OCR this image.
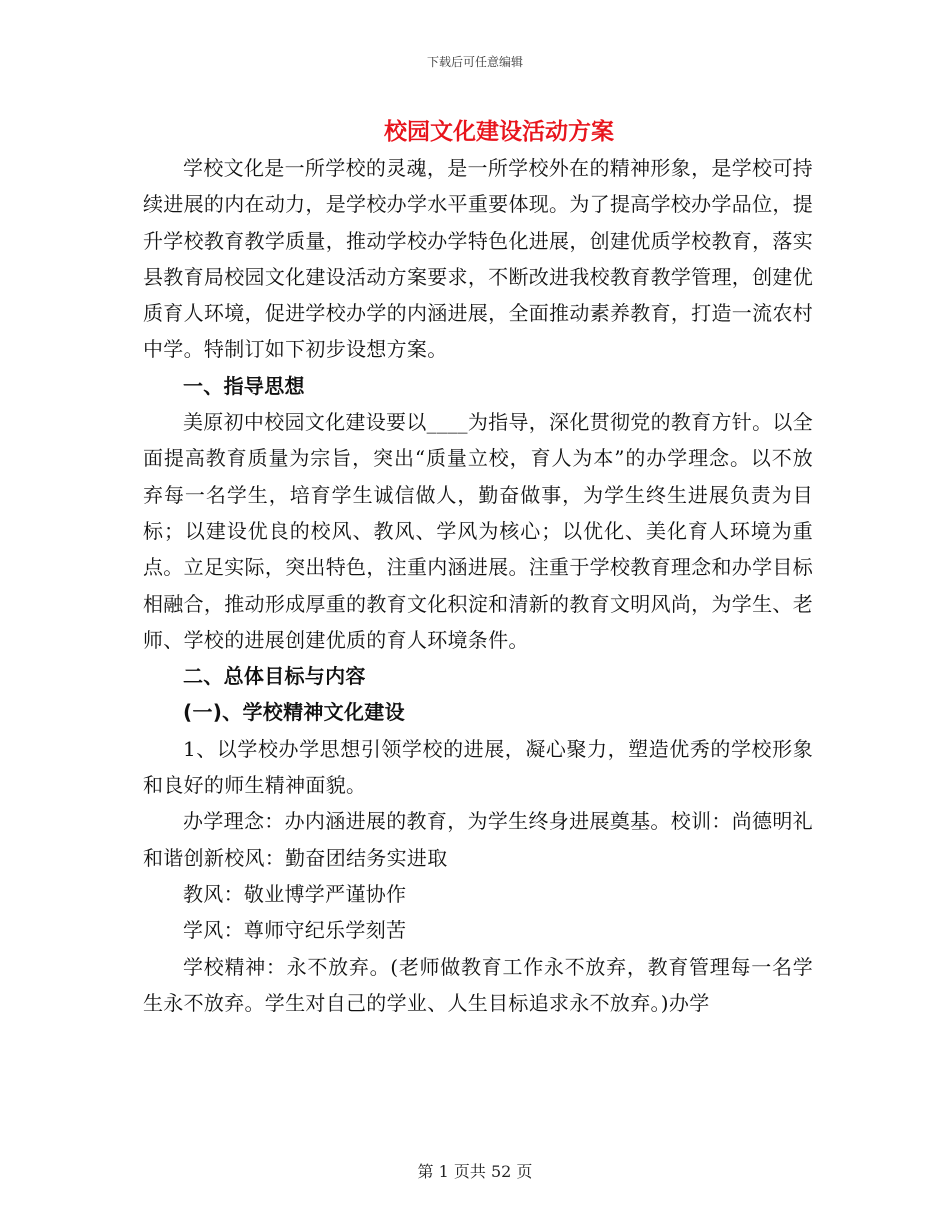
下载后可任意编辑
校园文化建设活动方案

学校文化是一所学校的灵魂，是一所学校外在的精神形象，是学校可持续进展的内在动力，是学校办学水平重要体现。为了提高学校办学品位，提升学校教育教学质量，推动学校办学特色化进展，创建优质学校教育，落实县教育局校园文化建设活动方案要求，不断改进我校教育教学管理，创建优质育人环境，促进学校办学的内涵进展，全面推动素养教育，打造一流农村中学。特制订如下初步设想方案。

一、指导思想

美原初中校园文化建设要以____为指导，深化贯彻党的教育方针。以全面提高教育质量为宗旨，突出“质量立校，育人为本”的办学理念。以不放弃每一名学生，培育学生诚信做人，勤奋做事，为学生终生进展负责为目标；以建设优良的校风、教风、学风为核心；以优化、美化育人环境为重点。立足实际，突出特色，注重内涵进展。注重于学校教育理念和办学目标相融合，推动形成厚重的教育文化积淀和清新的教育文明风尚，为学生、老师、学校的进展创建优质的育人环境条件。

二、总体目标与内容

(一)、学校精神文化建设

1、以学校办学思想引领学校的进展，凝心聚力，塑造优秀的学校形象和良好的师生精神面貌。

办学理念：办内涵进展的教育，为学生终身进展奠基。校训：尚德明礼和谐创新校风：勤奋团结务实进取

教风：敬业博学严谨协作

学风：尊师守纪乐学刻苦

学校精神：永不放弃。(老师做教育工作永不放弃，教育管理每一名学生永不放弃。学生对自己的学业、人生目标追求永不放弃。)办学

第 1 页共 52 页
